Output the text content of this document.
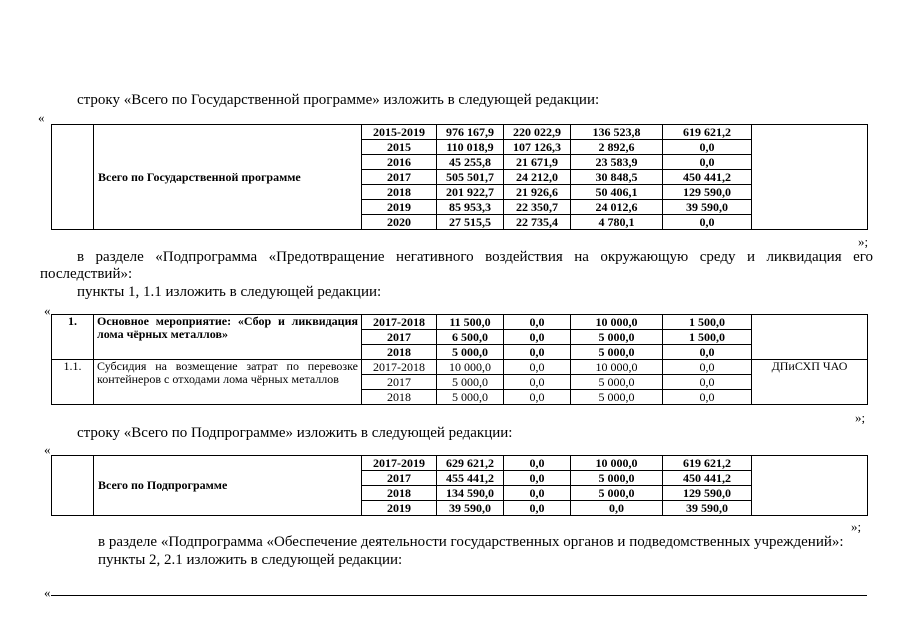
строку «Всего по Государственной программе» изложить в следующей редакции:
«
	Всего по Государственной программе	2015-2019	976 167,9	220 022,9	136 523,8	619 621,2	
		2015	110 018,9	107 126,3	2 892,6	0,0	
		2016	45 255,8	21 671,9	23 583,9	0,0	
		2017	505 501,7	24 212,0	30 848,5	450 441,2	
		2018	201 922,7	21 926,6	50 406,1	129 590,0	
		2019	85 953,3	22 350,7	24 012,6	39 590,0	
		2020	27 515,5	22 735,4	4 780,1	0,0	
»;
в разделе «Подпрограмма «Предотвращение негативного воздействия на окружающую среду и ликвидация его
последствий»:
пункты 1, 1.1 изложить в следующей редакции:
«
1.	Основное мероприятие: «Сбор и ликвидация лома чёрных металлов»	2017-2018	11 500,0	0,0	10 000,0	1 500,0	
		2017	6 500,0	0,0	5 000,0	1 500,0	
		2018	5 000,0	0,0	5 000,0	0,0	
1.1.	Субсидия на возмещение затрат по перевозке контейнеров с отходами лома чёрных металлов	2017-2018	10 000,0	0,0	10 000,0	0,0	ДПиСХП ЧАО
		2017	5 000,0	0,0	5 000,0	0,0	
		2018	5 000,0	0,0	5 000,0	0,0	
»;
строку «Всего по Подпрограмме» изложить в следующей редакции:
«
	Всего по Подпрограмме	2017-2019	629 621,2	0,0	10 000,0	619 621,2	
		2017	455 441,2	0,0	5 000,0	450 441,2	
		2018	134 590,0	0,0	5 000,0	129 590,0	
		2019	39 590,0	0,0	0,0	39 590,0	
»;
в разделе «Подпрограмма «Обеспечение деятельности государственных органов и подведомственных учреждений»:
пункты 2, 2.1 изложить в следующей редакции:
«
